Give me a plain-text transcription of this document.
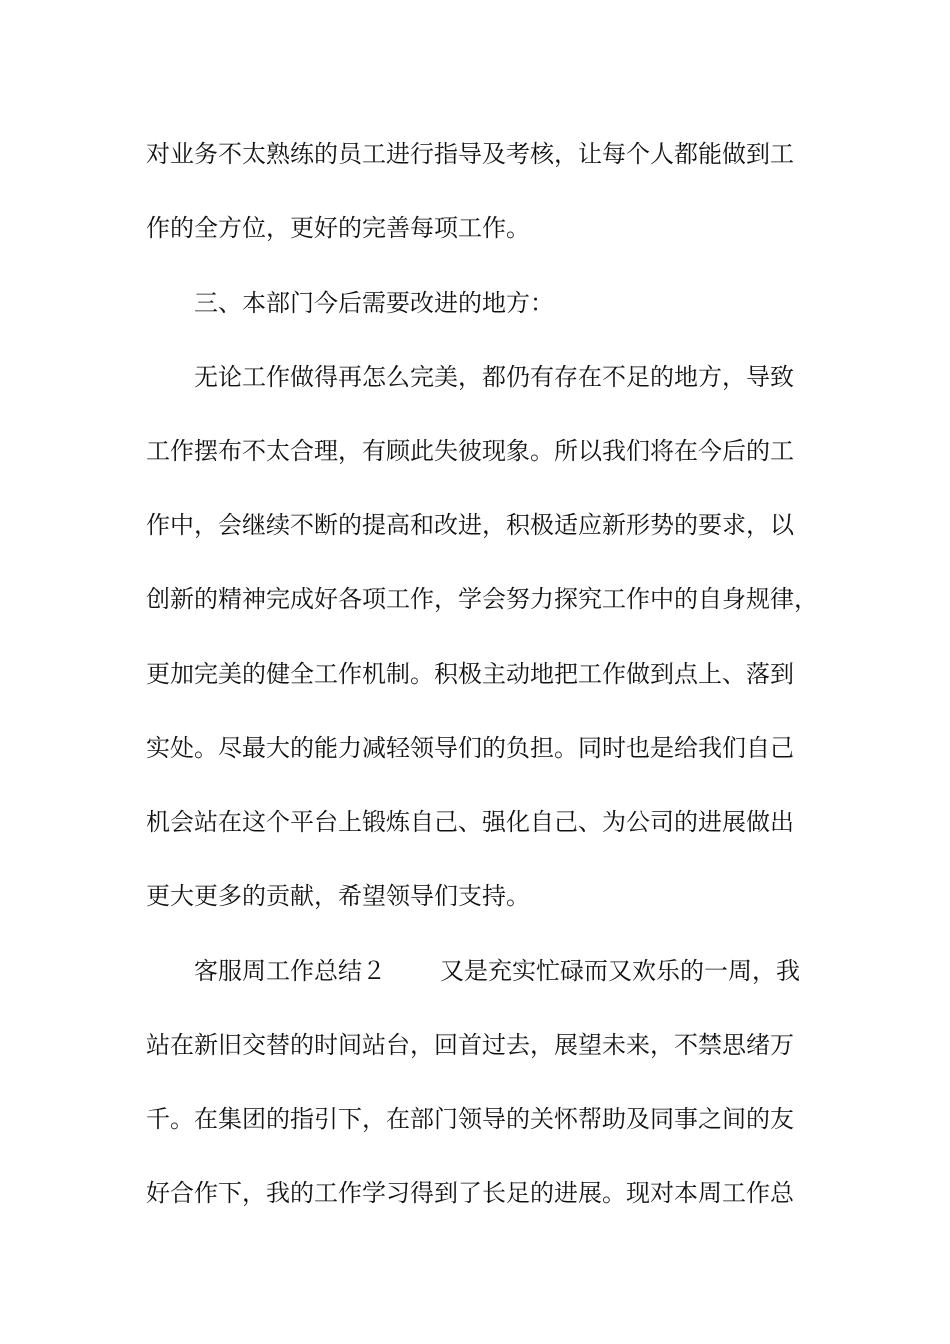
对业务不太熟练的员工进行指导及考核，让每个人都能做到工

作的全方位，更好的完善每项工作。

三、本部门今后需要改进的地方：

无论工作做得再怎么完美，都仍有存在不足的地方，导致

工作摆布不太合理，有顾此失彼现象。所以我们将在今后的工

作中，会继续不断的提高和改进，积极适应新形势的要求，以

创新的精神完成好各项工作，学会努力探究工作中的自身规律，

更加完美的健全工作机制。积极主动地把工作做到点上、落到

实处。尽最大的能力减轻领导们的负担。同时也是给我们自己

机会站在这个平台上锻炼自己、强化自己、为公司的进展做出

更大更多的贡献，希望领导们支持。

客服周工作总结２ 又是充实忙碌而又欢乐的一周，我

站在新旧交替的时间站台，回首过去，展望未来，不禁思绪万

千。在集团的指引下，在部门领导的关怀帮助及同事之间的友

好合作下，我的工作学习得到了长足的进展。现对本周工作总
